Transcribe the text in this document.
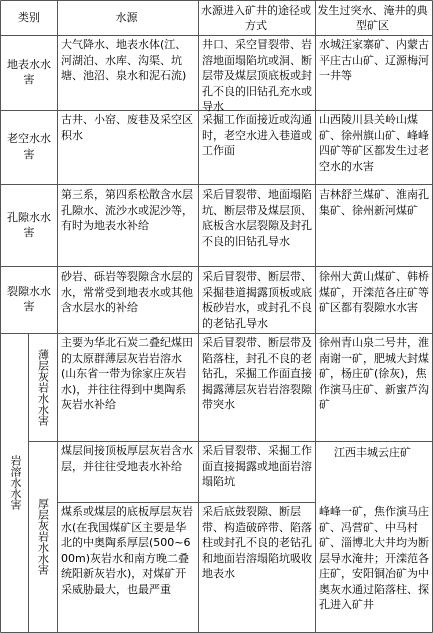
类别	水源
水源进入矿井的途径或方式
发生过突水、淹井的典型矿区
地表水水害
大气降水、地表水体(江、河湖泊、水库、沟渠、坑塘、池沼、泉水和泥石流)
井口、采空冒裂带、岩溶地面塌陷坑或洞、断层带及煤层顶底板或封孔不良的旧钻孔充水或导水
水城汪家寨矿、内蒙古平庄古山矿、辽源梅河一井等
老空水水害
古井、小窑、废巷及采空区积水
采掘工作面接近或沟通时，老空水进入巷道或工作面
山西陵川县关岭山煤矿、徐州旗山矿、峰峰四矿等矿区都发生过老空水的水害
孔隙水水害
第三系，第四系松散含水层孔隙水、流沙水或泥沙等，有时为地表水补给
采后冒裂带、地面塌陷坑、断层带及煤层顶、底板含水层裂隙及封孔不良的旧钻孔导水
吉林舒兰煤矿、淮南孔集矿、徐州新河煤矿
裂隙水水害
砂岩、砾岩等裂隙含水层的水，常常受到地表水或其他含水层水的补给
采后冒裂带、断层带、采掘巷道揭露顶板或底板砂岩水，或封孔不良的老钻孔导水
徐州大黄山煤矿、韩桥煤矿，开滦范各庄矿等矿区都有裂隙水水害
岩溶水水害
薄层灰岩水水害
主要为华北石炭二叠纪煤田的太原群薄层灰岩岩溶水(山东省一带为徐家庄灰岩水)，并往往得到中奥陶系灰岩水补给
采后冒裂带、断层带及陷落柱，封孔不良的老钻孔，采掘工作面直接揭露薄层灰岩岩溶裂隙带突水
徐州青山泉二号井，淮南谢一矿，肥城大封煤矿，杨庄矿(徐灰)，焦作演马庄矿、新蜜芦沟矿
厚层灰岩水水害
煤层间接顶板厚层灰岩含水层，并往往受地表水补给
采后冒裂带、采掘工作面直接揭露或地面岩溶塌陷坑
江西丰城云庄矿
煤系或煤层的底板厚层灰岩水(在我国煤矿区主要是华北的中奥陶系厚层(500~600m)灰岩水和南方晚二叠统阳新灰岩水)，对煤矿开采威胁最大，也最严重
采后底鼓裂隙、断层带、构造破碎带、陷落柱或封孔不良的老钻孔和地面岩溶塌陷坑吸收地表水
峰峰一矿，焦作演马庄矿、冯营矿、中马村矿、淄博北大井均为断层导水淹井；开滦范各庄矿，安阳铜冶矿为中奥灰水通过陷落柱、探孔进入矿井
